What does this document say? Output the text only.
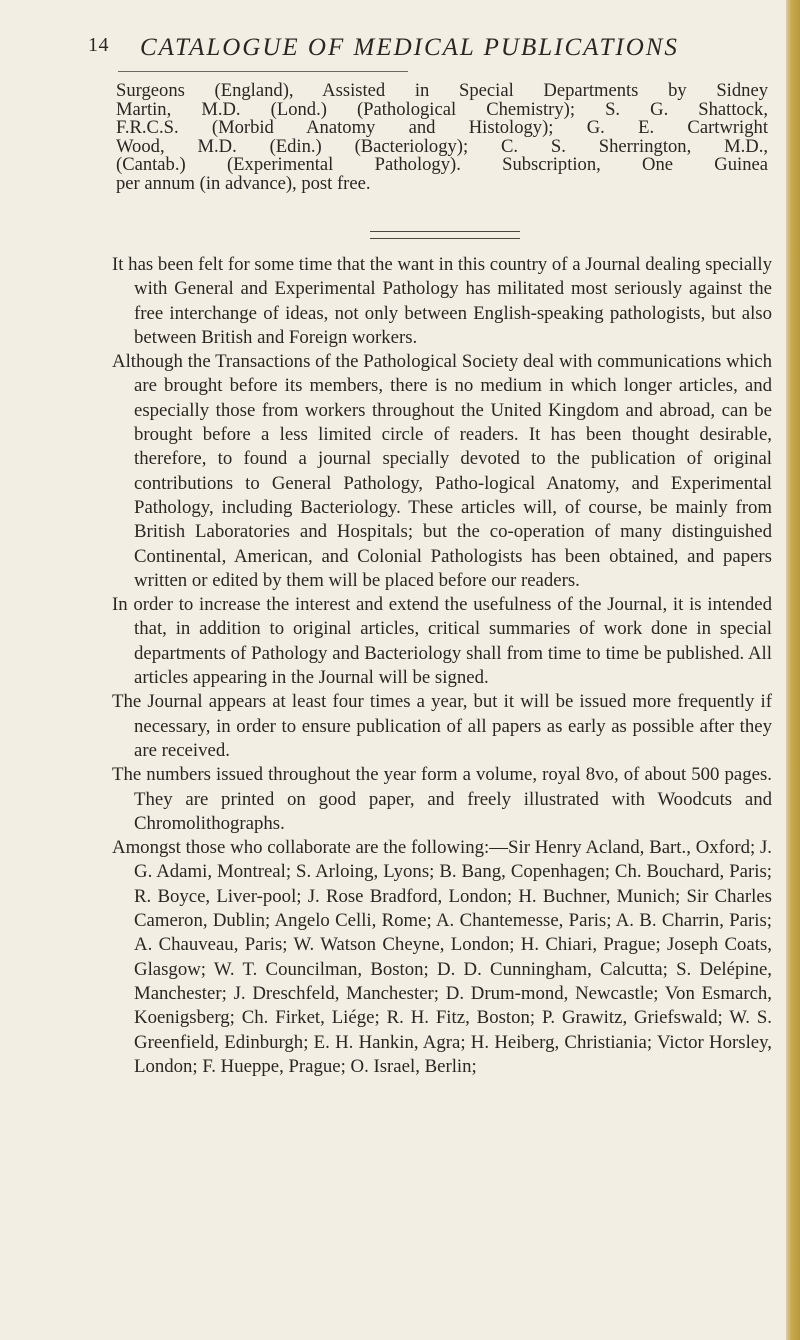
14 CATALOGUE OF MEDICAL PUBLICATIONS
Surgeons (England), Assisted in Special Departments by Sidney
Martin, M.D. (Lond.) (Pathological Chemistry); S. G. Shattock,
F.R.C.S. (Morbid Anatomy and Histology); G. E. Cartwright
Wood, M.D. (Edin.) (Bacteriology); C. S. Sherrington, M.D.,
(Cantab.) (Experimental Pathology). Subscription, One Guinea
per annum (in advance), post free.

It has been felt for some time that the want in this country of a Journal dealing specially with General and Experimental Pathology has militated most seriously against the free interchange of ideas, not only between English-speaking pathologists, but also between British and Foreign workers.

Although the Transactions of the Pathological Society deal with communications which are brought before its members, there is no medium in which longer articles, and especially those from workers throughout the United Kingdom and abroad, can be brought before a less limited circle of readers. It has been thought desirable, therefore, to found a journal specially devoted to the publication of original contributions to General Pathology, Patho-logical Anatomy, and Experimental Pathology, including Bacteriology. These articles will, of course, be mainly from British Laboratories and Hospitals; but the co-operation of many distinguished Continental, American, and Colonial Pathologists has been obtained, and papers written or edited by them will be placed before our readers.

In order to increase the interest and extend the usefulness of the Journal, it is intended that, in addition to original articles, critical summaries of work done in special departments of Pathology and Bacteriology shall from time to time be published. All articles appearing in the Journal will be signed.

The Journal appears at least four times a year, but it will be issued more frequently if necessary, in order to ensure publication of all papers as early as possible after they are received.

The numbers issued throughout the year form a volume, royal 8vo, of about 500 pages. They are printed on good paper, and freely illustrated with Woodcuts and Chromolithographs.

Amongst those who collaborate are the following:—Sir Henry Acland, Bart., Oxford; J. G. Adami, Montreal; S. Arloing, Lyons; B. Bang, Copenhagen; Ch. Bouchard, Paris; R. Boyce, Liver-pool; J. Rose Bradford, London; H. Buchner, Munich; Sir Charles Cameron, Dublin; Angelo Celli, Rome; A. Chantemesse, Paris; A. B. Charrin, Paris; A. Chauveau, Paris; W. Watson Cheyne, London; H. Chiari, Prague; Joseph Coats, Glasgow; W. T. Councilman, Boston; D. D. Cunningham, Calcutta; S. Delépine, Manchester; J. Dreschfeld, Manchester; D. Drum-mond, Newcastle; Von Esmarch, Koenigsberg; Ch. Firket, Liége; R. H. Fitz, Boston; P. Grawitz, Griefswald; W. S. Greenfield, Edinburgh; E. H. Hankin, Agra; H. Heiberg, Christiania; Victor Horsley, London; F. Hueppe, Prague; O. Israel, Berlin;
